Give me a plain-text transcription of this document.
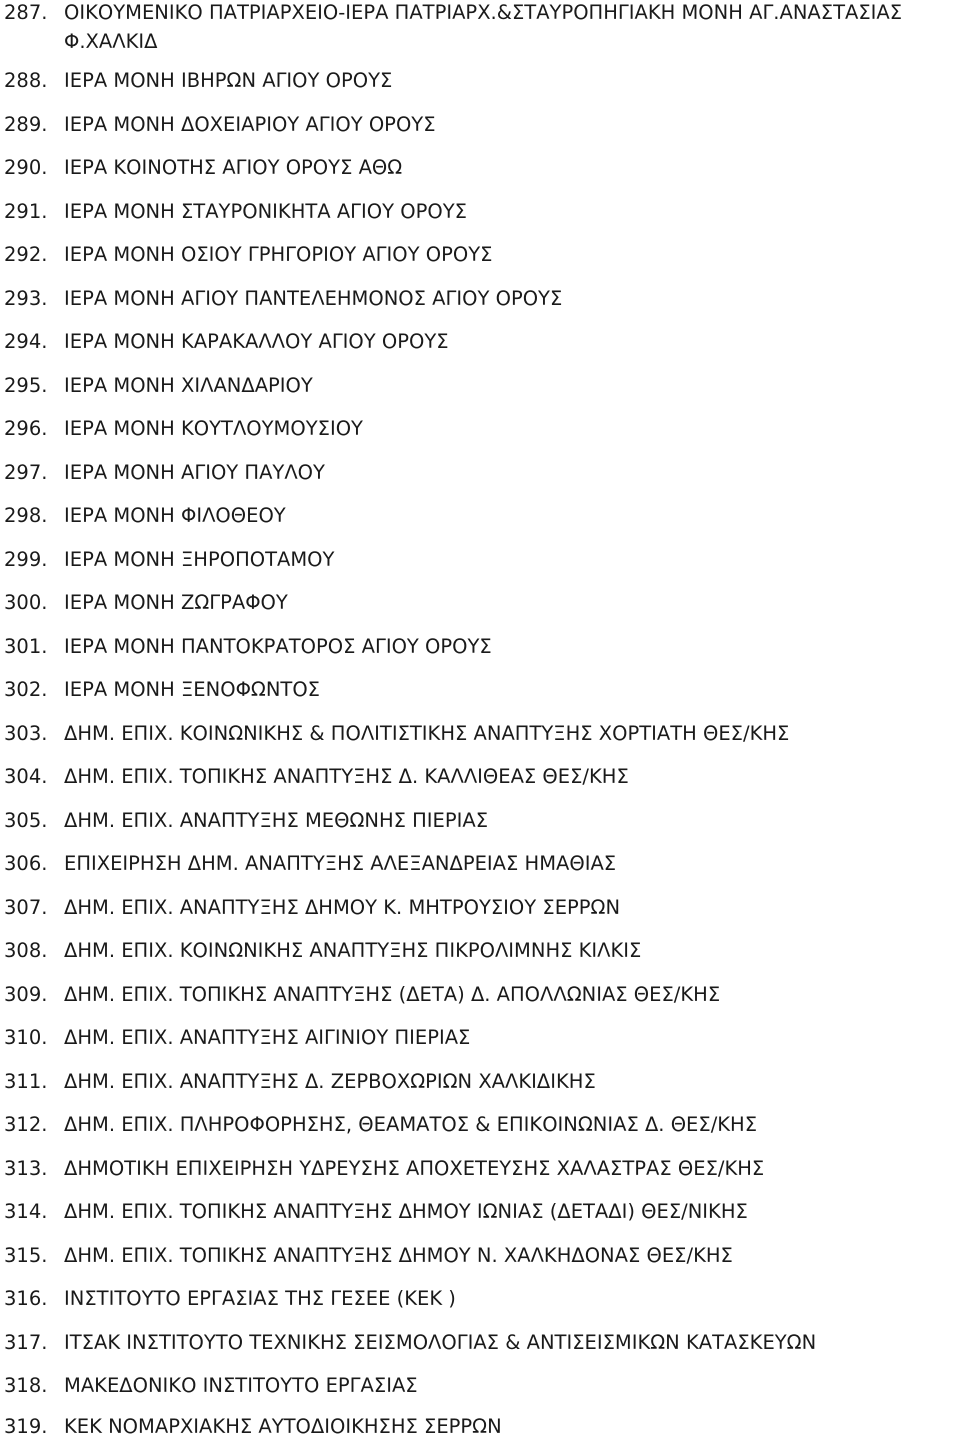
287. ΟΙΚΟΥΜΕΝΙΚΟ ΠΑΤΡΙΑΡΧΕΙΟ-ΙΕΡΑ ΠΑΤΡΙΑΡΧ.&ΣΤΑΥΡΟΠΗΓΙΑΚΗ ΜΟΝΗ ΑΓ.ΑΝΑΣΤΑΣΙΑΣ
Φ.ΧΑΛΚΙΔ
288. ΙΕΡΑ ΜΟΝΗ ΙΒΗΡΩΝ ΑΓΙΟΥ ΟΡΟΥΣ
289. ΙΕΡΑ ΜΟΝΗ ΔΟΧΕΙΑΡΙΟΥ ΑΓΙΟΥ ΟΡΟΥΣ
290. ΙΕΡΑ ΚΟΙΝΟΤΗΣ ΑΓΙΟΥ ΟΡΟΥΣ ΑΘΩ
291. ΙΕΡΑ ΜΟΝΗ ΣΤΑΥΡΟΝΙΚΗΤΑ ΑΓΙΟΥ ΟΡΟΥΣ
292. ΙΕΡΑ ΜΟΝΗ ΟΣΙΟΥ ΓΡΗΓΟΡΙΟΥ ΑΓΙΟΥ ΟΡΟΥΣ
293. ΙΕΡΑ ΜΟΝΗ ΑΓΙΟΥ ΠΑΝΤΕΛΕΗΜΟΝΟΣ ΑΓΙΟΥ ΟΡΟΥΣ
294. ΙΕΡΑ ΜΟΝΗ ΚΑΡΑΚΑΛΛΟΥ ΑΓΙΟΥ ΟΡΟΥΣ
295. ΙΕΡΑ ΜΟΝΗ ΧΙΛΑΝΔΑΡΙΟΥ
296. ΙΕΡΑ ΜΟΝΗ ΚΟΥΤΛΟΥΜΟΥΣΙΟΥ
297. ΙΕΡΑ ΜΟΝΗ ΑΓΙΟΥ ΠΑΥΛΟΥ
298. ΙΕΡΑ ΜΟΝΗ ΦΙΛΟΘΕΟΥ
299. ΙΕΡΑ ΜΟΝΗ ΞΗΡΟΠΟΤΑΜΟΥ
300. ΙΕΡΑ ΜΟΝΗ ΖΩΓΡΑΦΟΥ
301. ΙΕΡΑ ΜΟΝΗ ΠΑΝΤΟΚΡΑΤΟΡΟΣ ΑΓΙΟΥ ΟΡΟΥΣ
302. ΙΕΡΑ ΜΟΝΗ ΞΕΝΟΦΩΝΤΟΣ
303. ΔΗΜ. ΕΠΙΧ. ΚΟΙΝΩΝΙΚΗΣ & ΠΟΛΙΤΙΣΤΙΚΗΣ ΑΝΑΠΤΥΞΗΣ ΧΟΡΤΙΑΤΗ ΘΕΣ/ΚΗΣ
304. ΔΗΜ. ΕΠΙΧ. ΤΟΠΙΚΗΣ ΑΝΑΠΤΥΞΗΣ Δ. ΚΑΛΛΙΘΕΑΣ ΘΕΣ/ΚΗΣ
305. ΔΗΜ. ΕΠΙΧ. ΑΝΑΠΤΥΞΗΣ ΜΕΘΩΝΗΣ ΠΙΕΡΙΑΣ
306. ΕΠΙΧΕΙΡΗΣΗ ΔΗΜ. ΑΝΑΠΤΥΞΗΣ ΑΛΕΞΑΝΔΡΕΙΑΣ ΗΜΑΘΙΑΣ
307. ΔΗΜ. ΕΠΙΧ. ΑΝΑΠΤΥΞΗΣ ΔΗΜΟΥ Κ. ΜΗΤΡΟΥΣΙΟΥ ΣΕΡΡΩΝ
308. ΔΗΜ. ΕΠΙΧ. ΚΟΙΝΩΝΙΚΗΣ ΑΝΑΠΤΥΞΗΣ ΠΙΚΡΟΛΙΜΝΗΣ ΚΙΛΚΙΣ
309. ΔΗΜ. ΕΠΙΧ. ΤΟΠΙΚΗΣ ΑΝΑΠΤΥΞΗΣ (ΔΕΤΑ) Δ. ΑΠΟΛΛΩΝΙΑΣ ΘΕΣ/ΚΗΣ
310. ΔΗΜ. ΕΠΙΧ. ΑΝΑΠΤΥΞΗΣ ΑΙΓΙΝΙΟΥ ΠΙΕΡΙΑΣ
311. ΔΗΜ. ΕΠΙΧ. ΑΝΑΠΤΥΞΗΣ Δ. ΖΕΡΒΟΧΩΡΙΩΝ ΧΑΛΚΙΔΙΚΗΣ
312. ΔΗΜ. ΕΠΙΧ. ΠΛΗΡΟΦΟΡΗΣΗΣ, ΘΕΑΜΑΤΟΣ & ΕΠΙΚΟΙΝΩΝΙΑΣ Δ. ΘΕΣ/ΚΗΣ
313. ΔΗΜΟΤΙΚΗ ΕΠΙΧΕΙΡΗΣΗ ΥΔΡΕΥΣΗΣ ΑΠΟΧΕΤΕΥΣΗΣ ΧΑΛΑΣΤΡΑΣ ΘΕΣ/ΚΗΣ
314. ΔΗΜ. ΕΠΙΧ. ΤΟΠΙΚΗΣ ΑΝΑΠΤΥΞΗΣ ΔΗΜΟΥ ΙΩΝΙΑΣ (ΔΕΤΑΔΙ) ΘΕΣ/ΝΙΚΗΣ
315. ΔΗΜ. ΕΠΙΧ. ΤΟΠΙΚΗΣ ΑΝΑΠΤΥΞΗΣ ΔΗΜΟΥ Ν. ΧΑΛΚΗΔΟΝΑΣ ΘΕΣ/ΚΗΣ
316. ΙΝΣΤΙΤΟΥΤΟ ΕΡΓΑΣΙΑΣ ΤΗΣ ΓΕΣΕΕ (ΚΕΚ )
317. ΙΤΣΑΚ ΙΝΣΤΙΤΟΥΤΟ ΤΕΧΝΙΚΗΣ ΣΕΙΣΜΟΛΟΓΙΑΣ & ΑΝΤΙΣΕΙΣΜΙΚΩΝ ΚΑΤΑΣΚΕΥΩΝ
318. ΜΑΚΕΔΟΝΙΚΟ ΙΝΣΤΙΤΟΥΤΟ ΕΡΓΑΣΙΑΣ
319. ΚΕΚ ΝΟΜΑΡΧΙΑΚΗΣ ΑΥΤΟΔΙΟΙΚΗΣΗΣ ΣΕΡΡΩΝ
